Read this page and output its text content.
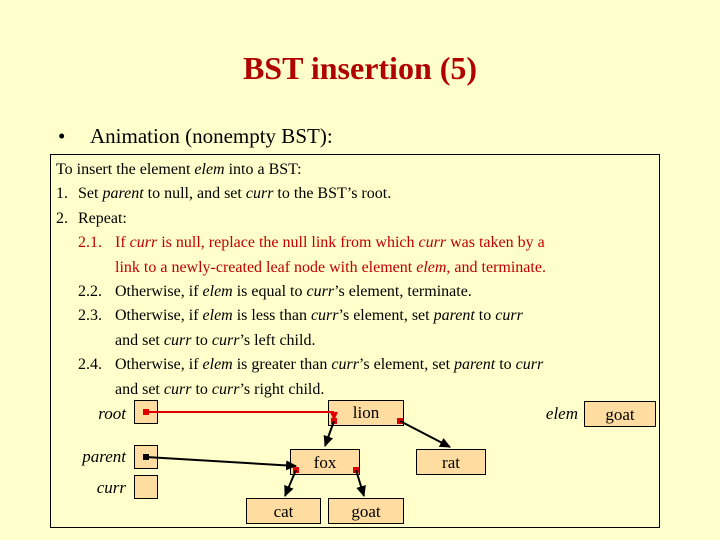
BST insertion (5)
• Animation (nonempty BST):
To insert the element elem into a BST:
1. Set parent to null, and set curr to the BST’s root.
2. Repeat:
2.1. If curr is null, replace the null link from which curr was taken by a
link to a newly-created leaf node with element elem, and terminate.
2.2. Otherwise, if elem is equal to curr’s element, terminate.
2.3. Otherwise, if elem is less than curr’s element, set parent to curr
and set curr to curr’s left child.
2.4. Otherwise, if elem is greater than curr’s element, set parent to curr
and set curr to curr’s right child.
root
parent
curr
elem	goat
lion
fox	rat
cat	goat
